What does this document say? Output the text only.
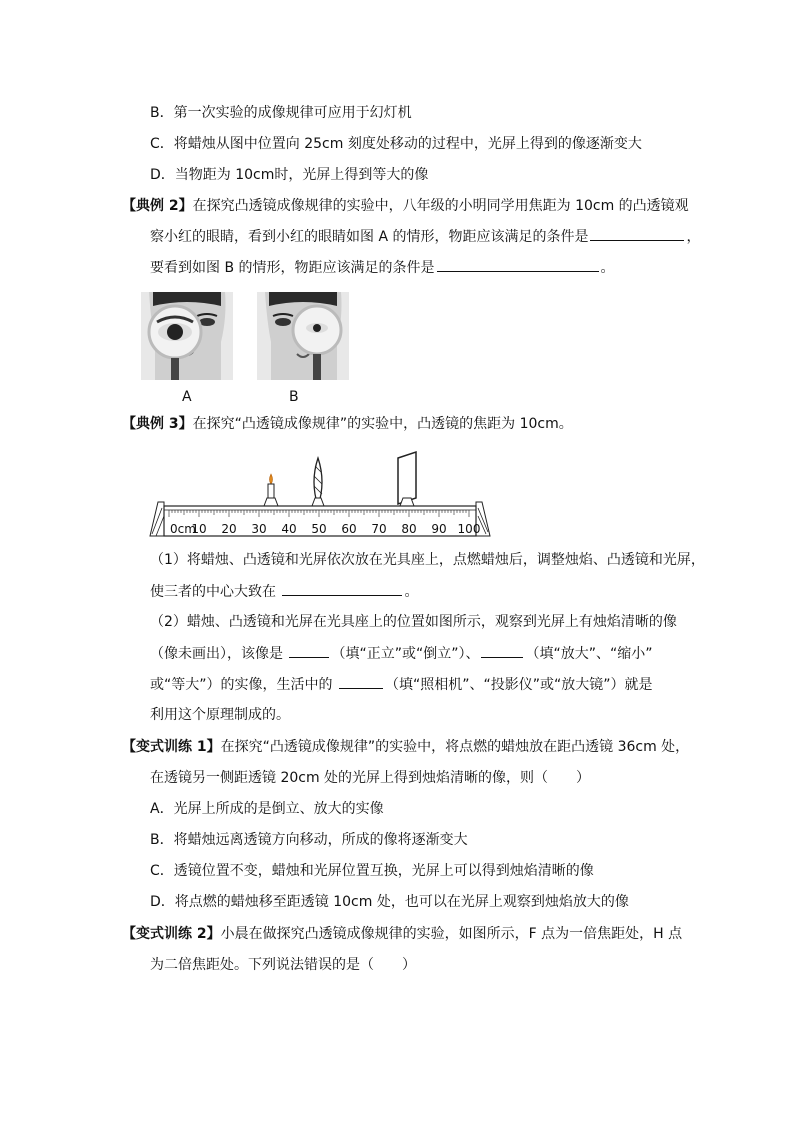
B．第一次实验的成像规律可应用于幻灯机
C．将蜡烛从图中位置向 25cm 刻度处移动的过程中，光屏上得到的像逐渐变大
D．当物距为 10cm时，光屏上得到等大的像
【典例 2】在探究凸透镜成像规律的实验中，八年级的小明同学用焦距为 10cm 的凸透镜观
察小红的眼睛，看到小红的眼睛如图 A 的情形，物距应该满足的条件是	，
要看到如图 B 的情形，物距应该满足的条件是	。
A	B
【典例 3】在探究“凸透镜成像规律”的实验中，凸透镜的焦距为 10cm。
0cm
10 20 30 40 50 60 70 80 90 100
（1）将蜡烛、凸透镜和光屏依次放在光具座上，点燃蜡烛后，调整烛焰、凸透镜和光屏，
使三者的中心大致在	。
（2）蜡烛、凸透镜和光屏在光具座上的位置如图所示，观察到光屏上有烛焰清晰的像
（像未画出），该像是	（填“正立”或“倒立”）、	（填“放大”、“缩小”
或“等大”）的实像，生活中的	（填“照相机”、“投影仪”或“放大镜”）就是
利用这个原理制成的。
【变式训练 1】在探究“凸透镜成像规律”的实验中，将点燃的蜡烛放在距凸透镜 36cm 处，
在透镜另一侧距透镜 20cm 处的光屏上得到烛焰清晰的像，则（　　）
A．光屏上所成的是倒立、放大的实像
B．将蜡烛远离透镜方向移动，所成的像将逐渐变大
C．透镜位置不变，蜡烛和光屏位置互换，光屏上可以得到烛焰清晰的像
D．将点燃的蜡烛移至距透镜 10cm 处，也可以在光屏上观察到烛焰放大的像
【变式训练 2】小晨在做探究凸透镜成像规律的实验，如图所示，F 点为一倍焦距处，H 点
为二倍焦距处。下列说法错误的是（　　）
